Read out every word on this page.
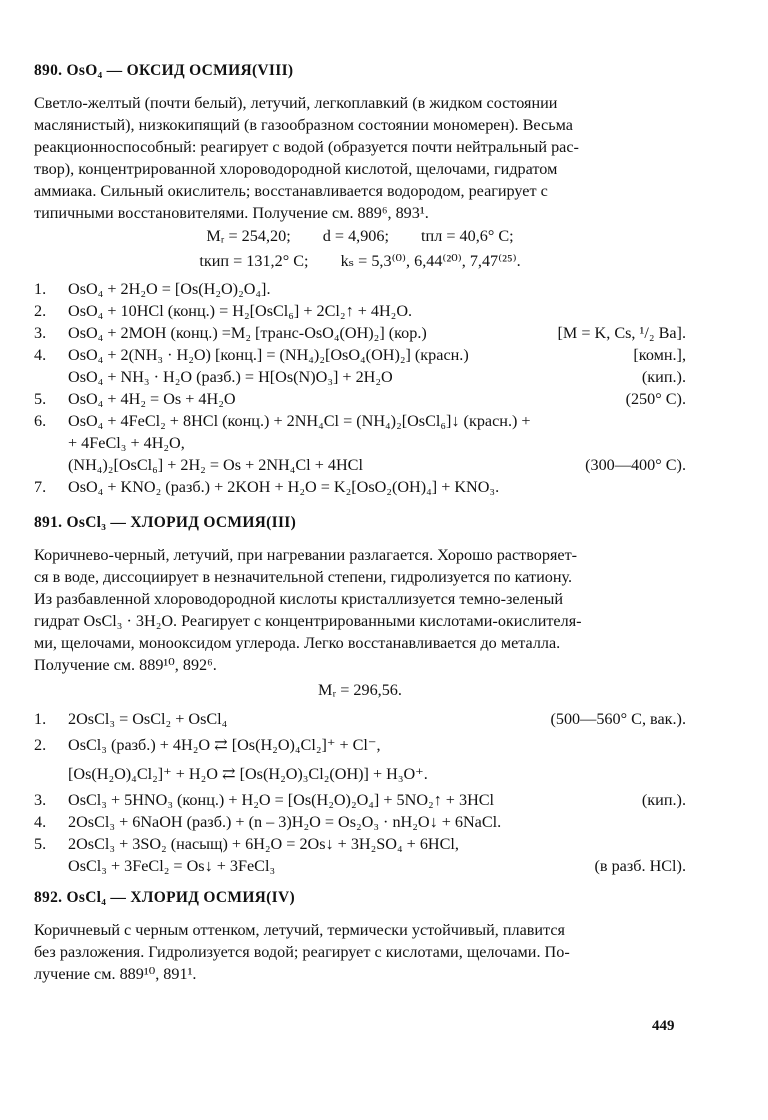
890. OsO₄ — ОКСИД ОСМИЯ(VIII)

Светло-желтый (почти белый), летучий, легкоплавкий (в жидком состоянии

маслянистый), низкокипящий (в газообразном состоянии мономерен). Весьма

реакционноспособный: реагирует с водой (образуется почти нейтральный рас-

твор), концентрированной хлороводородной кислотой, щелочами, гидратом

аммиака. Сильный окислитель; восстанавливается водородом, реагирует с

типичными восстановителями. Получение см. 889⁶, 893¹.

Mᵣ = 254,20; d = 4,906; tпл = 40,6° C;
tкип = 131,2° C; kₛ = 5,3⁽⁰⁾, 6,44⁽²⁰⁾, 7,47⁽²⁵⁾.
1. OsO₄ + 2H₂O = [Os(H₂O)₂O₄].
2. OsO₄ + 10HCl (конц.) = H₂[OsCl₆] + 2Cl₂↑ + 4H₂O.
3. OsO₄ + 2MOH (конц.) =M₂ [транс-OsO₄(OH)₂] (кор.)	[M = K, Cs, ¹/₂ Ba].
4. OsO₄ + 2(NH₃ · H₂O) [конц.] = (NH₄)₂[OsO₄(OH)₂] (красн.)	[комн.],
OsO₄ + NH₃ · H₂O (разб.) = H[Os(N)O₃] + 2H₂O	(кип.).
5. OsO₄ + 4H₂ = Os + 4H₂O	(250° C).
6. OsO₄ + 4FeCl₂ + 8HCl (конц.) + 2NH₄Cl = (NH₄)₂[OsCl₆]↓ (красн.) +
+ 4FeCl₃ + 4H₂O,
(NH₄)₂[OsCl₆] + 2H₂ = Os + 2NH₄Cl + 4HCl	(300—400° C).
7. OsO₄ + KNO₂ (разб.) + 2KOH + H₂O = K₂[OsO₂(OH)₄] + KNO₃.
891. OsCl₃ — ХЛОРИД ОСМИЯ(III)

Коричнево-черный, летучий, при нагревании разлагается. Хорошо растворяет-

ся в воде, диссоциирует в незначительной степени, гидролизуется по катиону.

Из разбавленной хлороводородной кислоты кристаллизуется темно-зеленый

гидрат OsCl₃ · 3H₂O. Реагирует с концентрированными кислотами-окислителя-

ми, щелочами, монооксидом углерода. Легко восстанавливается до металла.

Получение см. 889¹⁰, 892⁶.

Mᵣ = 296,56.
1. 2OsCl₃ = OsCl₂ + OsCl₄	(500—560° C, вак.).
2. OsCl₃ (разб.) + 4H₂O ⇄ [Os(H₂O)₄Cl₂]⁺ + Cl⁻,
[Os(H₂O)₄Cl₂]⁺ + H₂O ⇄ [Os(H₂O)₃Cl₂(OH)] + H₃O⁺.
3. OsCl₃ + 5HNO₃ (конц.) + H₂O = [Os(H₂O)₂O₄] + 5NO₂↑ + 3HCl	(кип.).
4. 2OsCl₃ + 6NaOH (разб.) + (n – 3)H₂O = Os₂O₃ · nH₂O↓ + 6NaCl.
5. 2OsCl₃ + 3SO₂ (насыщ) + 6H₂O = 2Os↓ + 3H₂SO₄ + 6HCl,
OsCl₃ + 3FeCl₂ = Os↓ + 3FeCl₃	(в разб. HCl).
892. OsCl₄ — ХЛОРИД ОСМИЯ(IV)

Коричневый с черным оттенком, летучий, термически устойчивый, плавится

без разложения. Гидролизуется водой; реагирует с кислотами, щелочами. По-

лучение см. 889¹⁰, 891¹.

449
